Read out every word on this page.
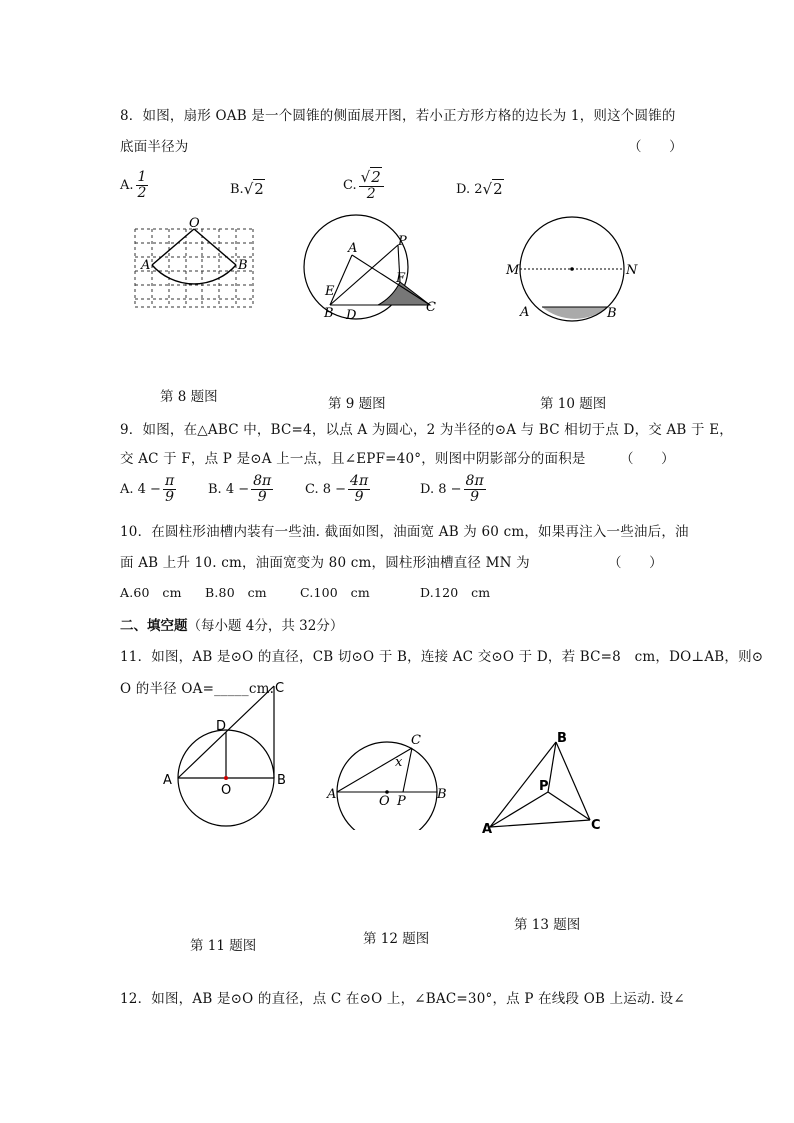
8．如图，扇形 OAB 是一个圆锥的侧面展开图，若小正方形方格的边长为 1，则这个圆锥的
底面半径为	（　　）
A. $\frac{1}{2}$	B. √2	C. $\frac{√2}{2}$	D. 2 √2
O
A	B
A	P
F
E
B D
C
M	N
A	B
第 8 题图	第 9 题图	第 10 题图
9．如图，在△ABC 中，BC=4，以点 A 为圆心，2 为半径的⊙A 与 BC 相切于点 D，交 AB 于 E，
交 AC 于 F，点 P 是⊙A 上一点，且∠EPF=40°，则图中阴影部分的面积是	（　　）
A. $4 - \frac{\pi}{9} B$. $4 - \frac{8\pi}{9} C$. $8 - \frac{4\pi}{9}$	D. $8 - \frac{8\pi}{9}$
10．在圆柱形油槽内装有一些油. 截面如图，油面宽 AB 为 60 cm，如果再注入一些油后，油
面 AB 上升 10. cm，油面宽变为 80 cm，圆柱形油槽直径 MN 为	（　　）
A.60　cm B.80　cm	C.100　cm	D.120　cm
二、填空题（每小题 4分，共 32分）
11．如图，AB 是⊙O 的直径，CB 切⊙O 于 B，连接 AC 交⊙O 于 D，若 BC=8　cm，DO⊥AB，则⊙
O 的半径 OA=_____cm. C
D
A	B
O
C
x
A	O P B
B
P
A	C
第 13 题图
第 12 题图
第 11 题图
12．如图，AB 是⊙O 的直径，点 C 在⊙O 上，∠BAC=30°，点 P 在线段 OB 上运动. 设∠
